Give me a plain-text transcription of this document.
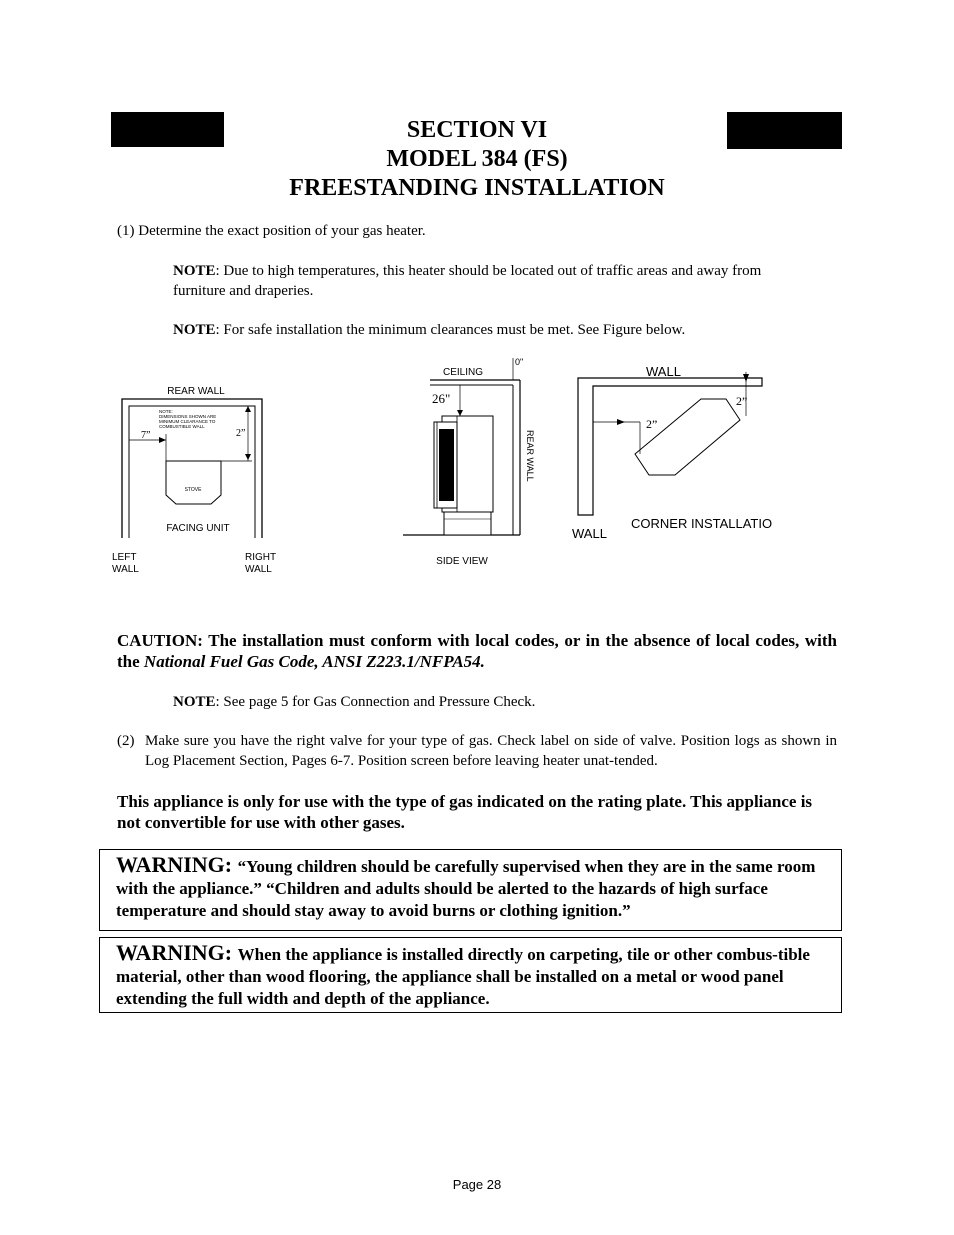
SECTION VI
MODEL 384 (FS)
FREESTANDING INSTALLATION
(1) Determine the exact position of your gas heater.
NOTE: Due to high temperatures, this heater should be located out of traffic areas and away from furniture and draperies.
NOTE: For safe installation the minimum clearances must be met. See Figure below.
REAR WALL
NOTE:
DIMENSIONS SHOWN ARE
MINIMUM CLEARANCE TO
COMBUSTIBLE WALL
7”	2”
STOVE
FACING UNIT
LEFT
WALL
RIGHT
WALL
CEILING
0"
26"
REAR WALL
SIDE VIEW
WALL
2”
2”
WALL
CORNER INSTALLATIO
CAUTION: The installation must conform with local codes, or in the absence of local codes, with the National Fuel Gas Code, ANSI Z223.1/NFPA54.
NOTE: See page 5 for Gas Connection and Pressure Check.
(2) Make sure you have the right valve for your type of gas. Check label on side of valve. Position logs as shown in Log Placement Section, Pages 6-7. Position screen before leaving heater unat-tended.
This appliance is only for use with the type of gas indicated on the rating plate. This appliance is not convertible for use with other gases.
WARNING: “Young children should be carefully supervised when they are in the same room with the appliance.” “Children and adults should be alerted to the hazards of high surface temperature and should stay away to avoid burns or clothing ignition.”
WARNING: When the appliance is installed directly on carpeting, tile or other combus-tible material, other than wood flooring, the appliance shall be installed on a metal or wood panel extending the full width and depth of the appliance.
Page 28
